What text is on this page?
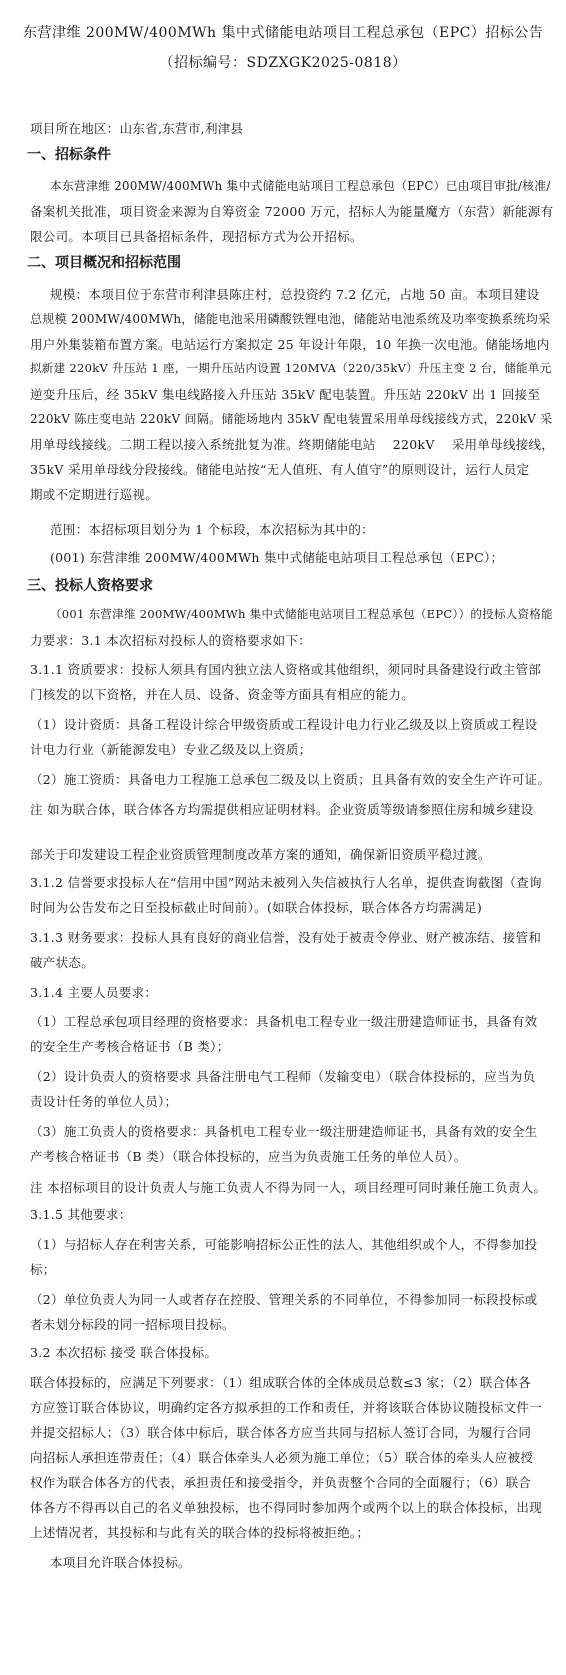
东营津维 200MW/400MWh 集中式储能电站项目工程总承包（EPC）招标公告
（招标编号：SDZXGK2025-0818）
项目所在地区：山东省,东营市,利津县
一、招标条件
本东营津维 200MW/400MWh 集中式储能电站项目工程总承包（EPC）已由项目审批/核准/
备案机关批准，项目资金来源为自筹资金 72000 万元，招标人为能量魔方（东营）新能源有
限公司。本项目已具备招标条件，现招标方式为公开招标。
二、项目概况和招标范围
规模：本项目位于东营市利津县陈庄村，总投资约 7.2 亿元，占地 50 亩。本项目建设
总规模 200MW/400MWh，储能电池采用磷酸铁锂电池，储能站电池系统及功率变换系统均采
用户外集装箱布置方案。电站运行方案拟定 25 年设计年限，10 年换一次电池。储能场地内
拟新建 220kV 升压站 1 座，一期升压站内设置 120MVA（220/35kV）升压主变 2 台，储能单元
逆变升压后，经 35kV 集电线路接入升压站 35kV 配电装置。升压站 220kV 出 1 回接至
220kV 陈庄变电站 220kV 间隔。储能场地内 35kV 配电装置采用单母线接线方式，220kV 采
用单母线接线。二期工程以接入系统批复为准。终期储能电站    220kV    采用单母线接线，
35kV 采用单母线分段接线。储能电站按“无人值班、有人值守”的原则设计，运行人员定
期或不定期进行巡视。
范围：本招标项目划分为 1 个标段，本次招标为其中的：
(001) 东营津维 200MW/400MWh 集中式储能电站项目工程总承包（EPC）；
三、投标人资格要求
（001 东营津维 200MW/400MWh 集中式储能电站项目工程总承包（EPC））的投标人资格能
力要求：3.1 本次招标对投标人的资格要求如下：
3.1.1 资质要求：投标人须具有国内独立法人资格或其他组织，须同时具备建设行政主管部
门核发的以下资格，并在人员、设备、资金等方面具有相应的能力。
（1）设计资质：具备工程设计综合甲级资质或工程设计电力行业乙级及以上资质或工程设
计电力行业（新能源发电）专业乙级及以上资质；
（2）施工资质：具备电力工程施工总承包二级及以上资质；且具备有效的安全生产许可证。
注 如为联合体，联合体各方均需提供相应证明材料。企业资质等级请参照住房和城乡建设
部关于印发建设工程企业资质管理制度改革方案的通知，确保新旧资质平稳过渡。
3.1.2 信誉要求投标人在“信用中国”网站未被列入失信被执行人名单，提供查询截图（查询
时间为公告发布之日至投标截止时间前）。(如联合体投标，联合体各方均需满足)
3.1.3 财务要求：投标人具有良好的商业信誉，没有处于被责令停业、财产被冻结、接管和
破产状态。
3.1.4 主要人员要求：
（1）工程总承包项目经理的资格要求：具备机电工程专业一级注册建造师证书，具备有效
的安全生产考核合格证书（B 类）；
（2）设计负责人的资格要求 具备注册电气工程师（发输变电）（联合体投标的，应当为负
责设计任务的单位人员）；
（3）施工负责人的资格要求：具备机电工程专业一级注册建造师证书，具备有效的安全生
产考核合格证书（B 类）（联合体投标的，应当为负责施工任务的单位人员）。
注 本招标项目的设计负责人与施工负责人不得为同一人，项目经理可同时兼任施工负责人。
3.1.5 其他要求：
（1）与招标人存在利害关系，可能影响招标公正性的法人、其他组织或个人，不得参加投
标；
（2）单位负责人为同一人或者存在控股、管理关系的不同单位，不得参加同一标段投标或
者未划分标段的同一招标项目投标。
3.2 本次招标 接受 联合体投标。
联合体投标的，应满足下列要求：（1）组成联合体的全体成员总数≤3 家；（2）联合体各
方应签订联合体协议，明确约定各方拟承担的工作和责任，并将该联合体协议随投标文件一
并提交招标人；（3）联合体中标后，联合体各方应当共同与招标人签订合同，为履行合同
向招标人承担连带责任；（4）联合体牵头人必须为施工单位；（5）联合体的牵头人应被授
权作为联合体各方的代表，承担责任和接受指令，并负责整个合同的全面履行；（6）联合
体各方不得再以自己的名义单独投标，也不得同时参加两个或两个以上的联合体投标，出现
上述情况者，其投标和与此有关的联合体的投标将被拒绝。；
本项目允许联合体投标。
